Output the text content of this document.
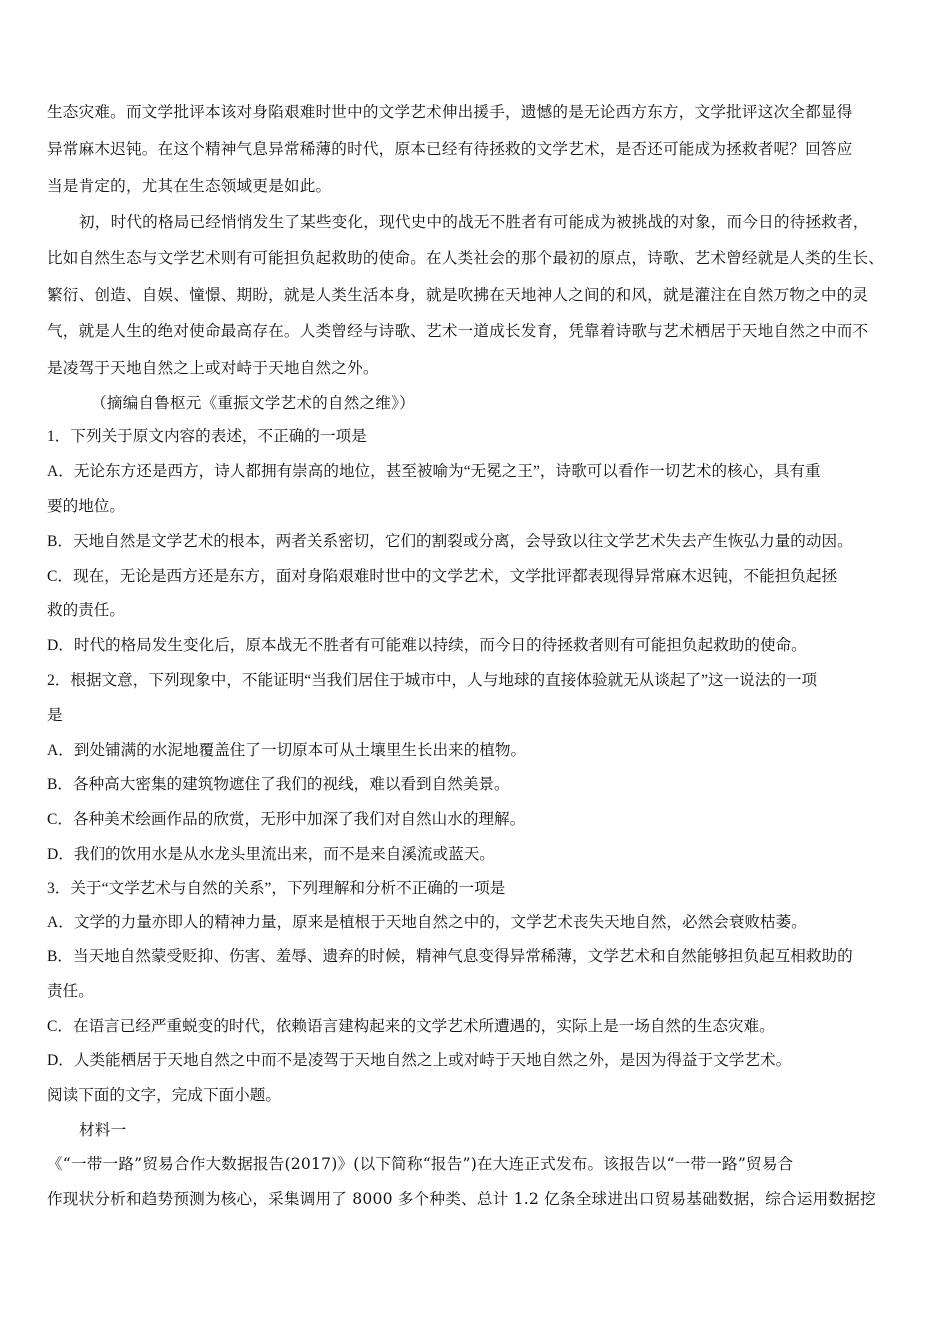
生态灾难。而文学批评本该对身陷艰难时世中的文学艺术伸出援手，遗憾的是无论西方东方，文学批评这次全都显得
异常麻木迟钝。在这个精神气息异常稀薄的时代，原本已经有待拯救的文学艺术，是否还可能成为拯救者呢？回答应
当是肯定的，尤其在生态领域更是如此。
初，时代的格局已经悄悄发生了某些变化，现代史中的战无不胜者有可能成为被挑战的对象，而今日的待拯救者，
比如自然生态与文学艺术则有可能担负起救助的使命。在人类社会的那个最初的原点，诗歌、艺术曾经就是人类的生长、
繁衍、创造、自娱、憧憬、期盼，就是人类生活本身，就是吹拂在天地神人之间的和风，就是灌注在自然万物之中的灵
气，就是人生的绝对使命最高存在。人类曾经与诗歌、艺术一道成长发育，凭靠着诗歌与艺术栖居于天地自然之中而不
是凌驾于天地自然之上或对峙于天地自然之外。
（摘编自鲁枢元《重振文学艺术的自然之维》）
1．下列关于原文内容的表述，不正确的一项是
A．无论东方还是西方，诗人都拥有崇高的地位，甚至被喻为“无冕之王”，诗歌可以看作一切艺术的核心，具有重
要的地位。
B．天地自然是文学艺术的根本，两者关系密切，它们的割裂或分离，会导致以往文学艺术失去产生恢弘力量的动因。
C．现在，无论是西方还是东方，面对身陷艰难时世中的文学艺术，文学批评都表现得异常麻木迟钝，不能担负起拯
救的责任。
D．时代的格局发生变化后，原本战无不胜者有可能难以持续，而今日的待拯救者则有可能担负起救助的使命。
2．根据文意，下列现象中，不能证明“当我们居住于城市中，人与地球的直接体验就无从谈起了”这一说法的一项
是
A．到处铺满的水泥地覆盖住了一切原本可从土壤里生长出来的植物。
B．各种高大密集的建筑物遮住了我们的视线，难以看到自然美景。
C．各种美术绘画作品的欣赏，无形中加深了我们对自然山水的理解。
D．我们的饮用水是从水龙头里流出来，而不是来自溪流或蓝天。
3．关于“文学艺术与自然的关系”，下列理解和分析不正确的一项是
A．文学的力量亦即人的精神力量，原来是植根于天地自然之中的，文学艺术丧失天地自然，必然会衰败枯萎。
B．当天地自然蒙受贬抑、伤害、羞辱、遗弃的时候，精神气息变得异常稀薄，文学艺术和自然能够担负起互相救助的
责任。
C．在语言已经严重蜕变的时代，依赖语言建构起来的文学艺术所遭遇的，实际上是一场自然的生态灾难。
D．人类能栖居于天地自然之中而不是凌驾于天地自然之上或对峙于天地自然之外，是因为得益于文学艺术。
阅读下面的文字，完成下面小题。
材料一
《“一带一路”贸易合作大数据报告(2017)》(以下简称“报告”)在大连正式发布。该报告以“一带一路”贸易合
作现状分析和趋势预测为核心，采集调用了 8000 多个种类、总计 1.2 亿条全球进出口贸易基础数据，综合运用数据挖
